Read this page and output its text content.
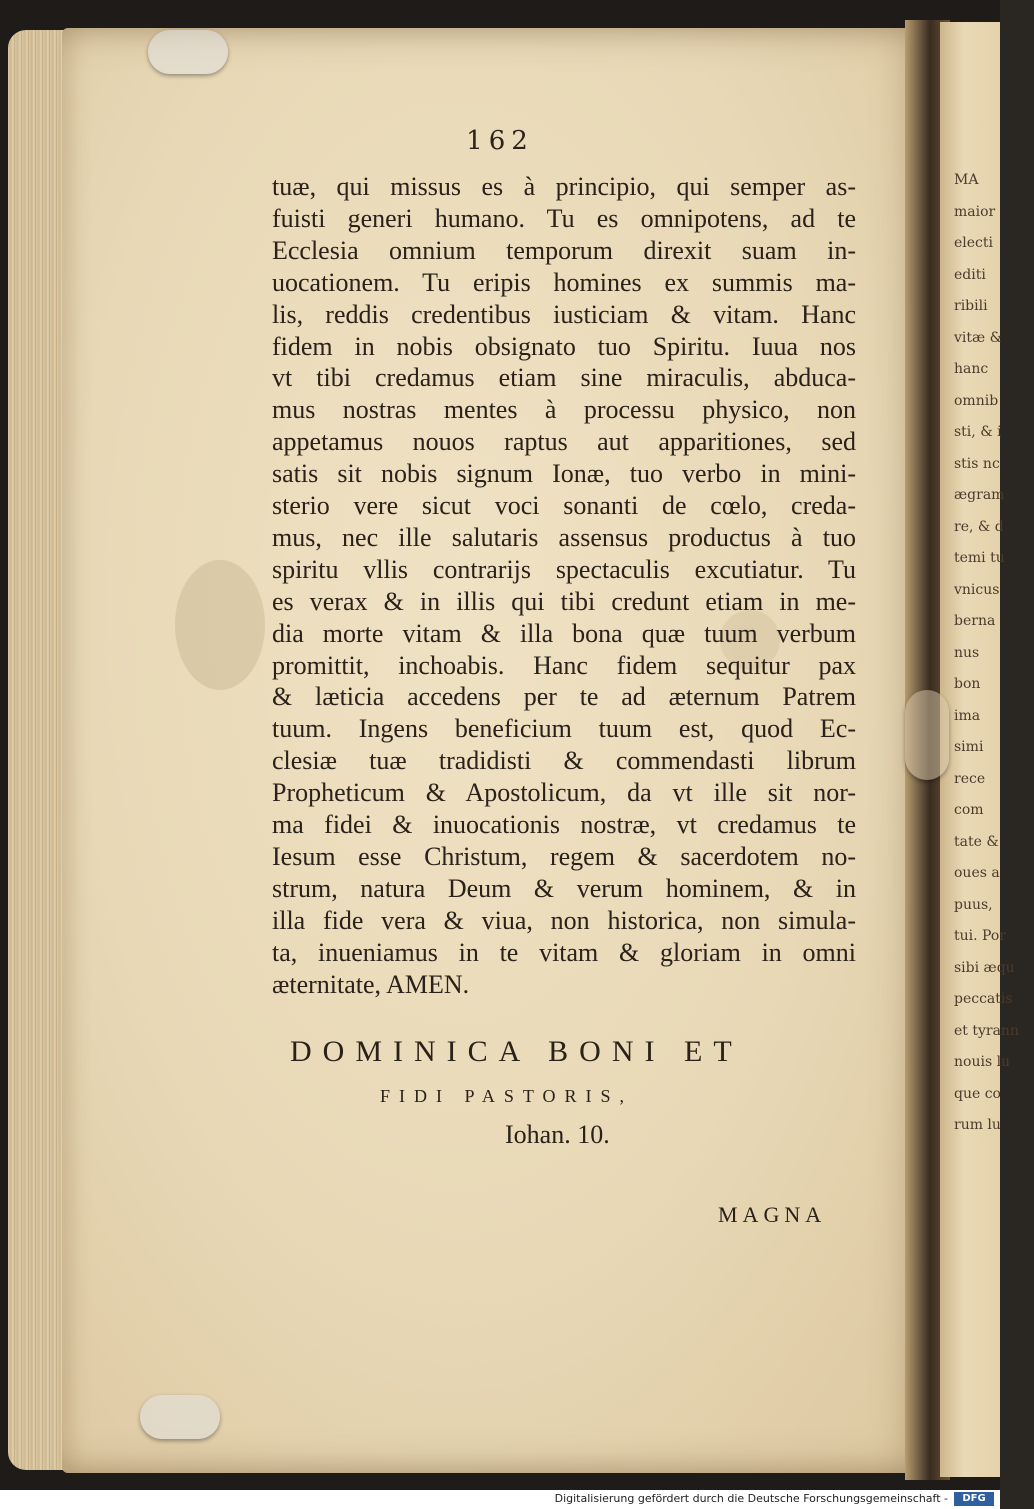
MA
maior
electi
editi
ribili
vitæ &
hanc
omnib
sti, & i
stis nc
ægram
re, & d
temi tu
vnicus
berna
nus
bon
ima
simi
rece
com
tate &
oues a
puus,
tui. Por
sibi æqu
peccatis
et tyrann
nouis lu
que co
rum lu
162
tuæ, qui missus es à principio, qui semper as-
fuisti generi humano. Tu es omnipotens, ad te
Ecclesia omnium temporum direxit suam in-
uocationem. Tu eripis homines ex summis ma-
lis, reddis credentibus iusticiam & vitam. Hanc
fidem in nobis obsignato tuo Spiritu. Iuua nos
vt tibi credamus etiam sine miraculis, abduca-
mus nostras mentes à processu physico, non
appetamus nouos raptus aut apparitiones, sed
satis sit nobis signum Ionæ, tuo verbo in mini-
sterio vere sicut voci sonanti de cœlo, creda-
mus, nec ille salutaris assensus productus à tuo
spiritu vllis contrarijs spectaculis excutiatur. Tu
es verax & in illis qui tibi credunt etiam in me-
dia morte vitam & illa bona quæ tuum verbum
promittit, inchoabis. Hanc fidem sequitur pax
& læticia accedens per te ad æternum Patrem
tuum. Ingens beneficium tuum est, quod Ec-
clesiæ tuæ tradidisti & commendasti librum
Propheticum & Apostolicum, da vt ille sit nor-
ma fidei & inuocationis nostræ, vt credamus te
Iesum esse Christum, regem & sacerdotem no-
strum, natura Deum & verum hominem, & in
illa fide vera & viua, non historica, non simula-
ta, inueniamus in te vitam & gloriam in omni
æternitate, AMEN.
DOMINICA BONI ET
FIDI PASTORIS,
Iohan. 10.
MAGNA
Digitalisierung gefördert durch die Deutsche Forschungsgemeinschaft -	DFG
